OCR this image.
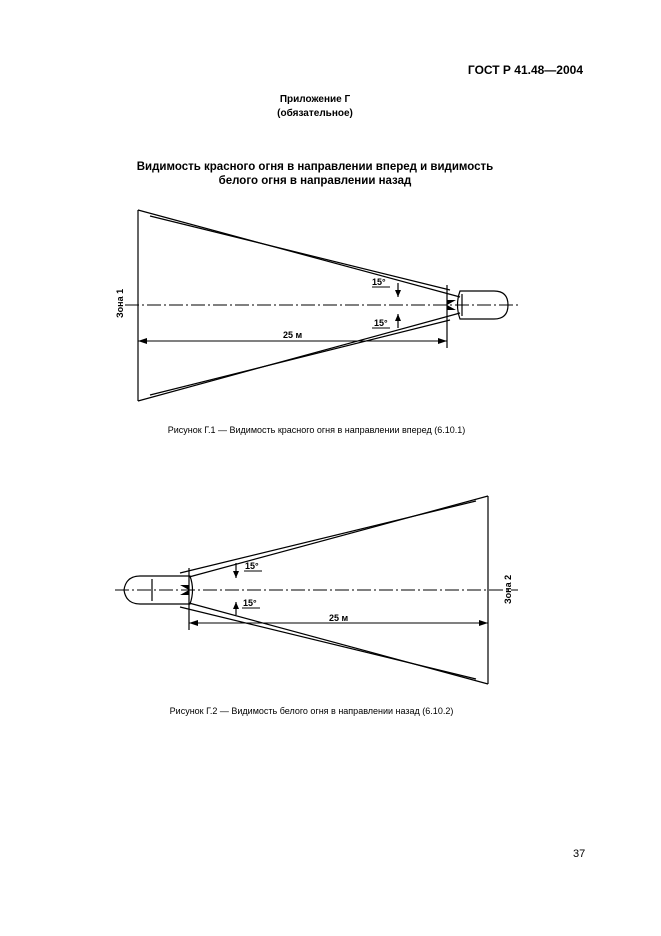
ГОСТ Р 41.48—2004
Приложение Г
(обязательное)
Видимость красного огня в направлении вперед и видимость
белого огня в направлении назад
15°
15°
25 м
Зона 1
Рисунок Г.1 — Видимость красного огня в направлении вперед (6.10.1)
15°
15°
25 м
Зона 2
Рисунок Г.2 — Видимость белого огня в направлении назад (6.10.2)
37
